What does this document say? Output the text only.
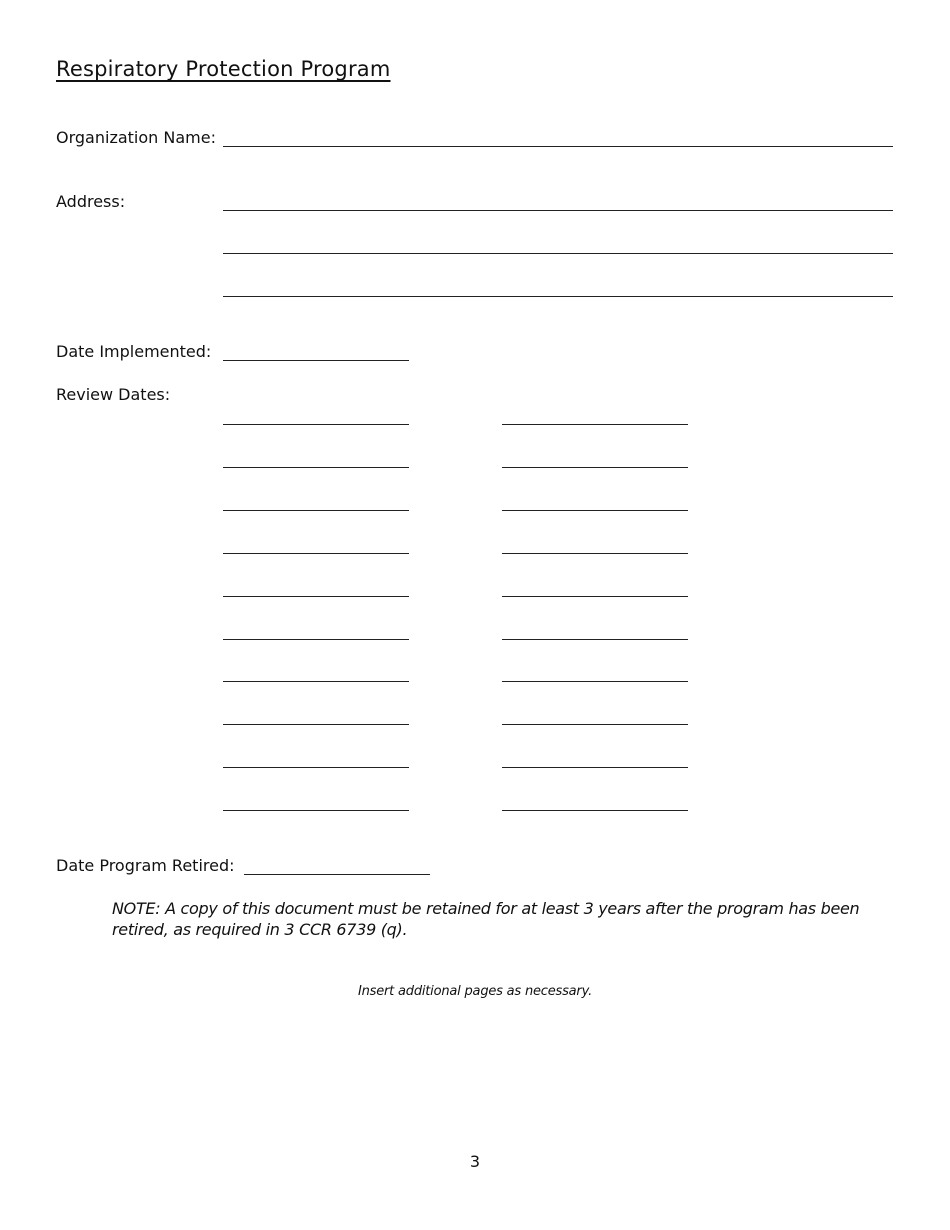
Respiratory Protection Program
Organization Name:
Address:
Date Implemented:
Review Dates:
Date Program Retired:
NOTE: A copy of this document must be retained for at least 3 years after the program has been retired, as required in 3 CCR 6739 (q).
Insert additional pages as necessary.
3
